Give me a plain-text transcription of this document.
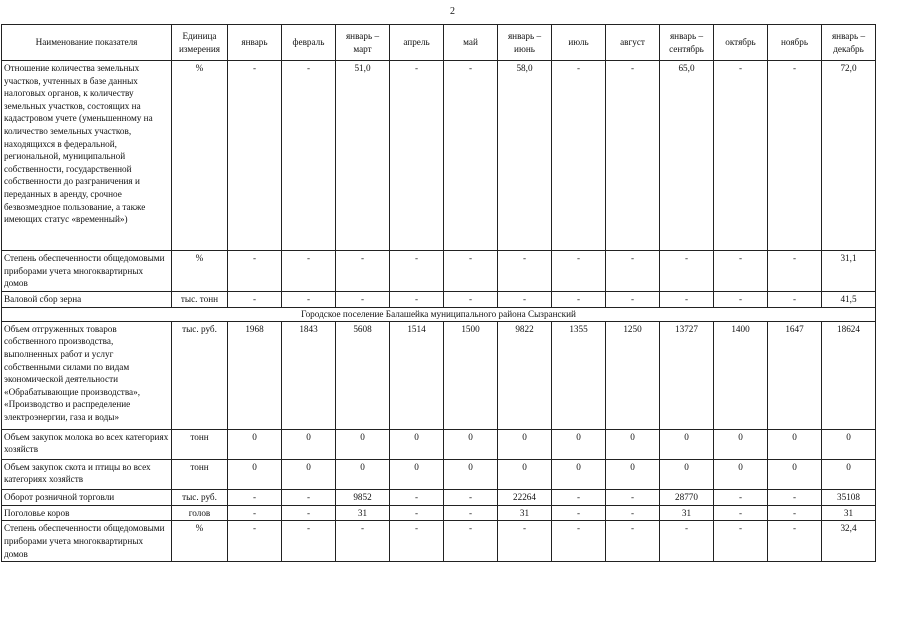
2
Наименование показателя	Единица измерения	январь	февраль	январь – март	апрель	май	январь – июнь	июль	август	январь – сентябрь	октябрь	ноябрь	январь – декабрь
Отношение количества земельных участков, учтенных в базе данных налоговых органов, к количеству земельных участков, состоящих на кадастровом учете (уменьшенному на количество земельных участков, находящихся в федеральной, региональной, муниципальной собственности, государственной собственности до разграничения и переданных в аренду, срочное безвозмездное пользование, а также имеющих статус «временный»)	%	-	-	51,0	-	-	58,0	-	-	65,0	-	-	72,0
Степень обеспеченности общедомовыми приборами учета многоквартирных домов	%	-	-	-	-	-	-	-	-	-	-	-	31,1
Валовой сбор зерна	тыс. тонн	-	-	-	-	-	-	-	-	-	-	-	41,5
Городское поселение Балашейка муниципального района Сызранский													
Объем отгруженных товаров собственного производства, выполненных работ и услуг собственными силами по видам экономической деятельности «Обрабатывающие производства», «Производство и распределение электроэнергии, газа и воды»	тыс. руб.	1968	1843	5608	1514	1500	9822	1355	1250	13727	1400	1647	18624
Объем закупок молока во всех категориях хозяйств	тонн	0	0	0	0	0	0	0	0	0	0	0	0
Объем закупок скота и птицы во всех категориях хозяйств	тонн	0	0	0	0	0	0	0	0	0	0	0	0
Оборот розничной торговли	тыс. руб.	-	-	9852	-	-	22264	-	-	28770	-	-	35108
Поголовье коров	голов	-	-	31	-	-	31	-	-	31	-	-	31
Степень обеспеченности общедомовыми приборами учета многоквартирных домов	%	-	-	-	-	-	-	-	-	-	-	-	32,4
